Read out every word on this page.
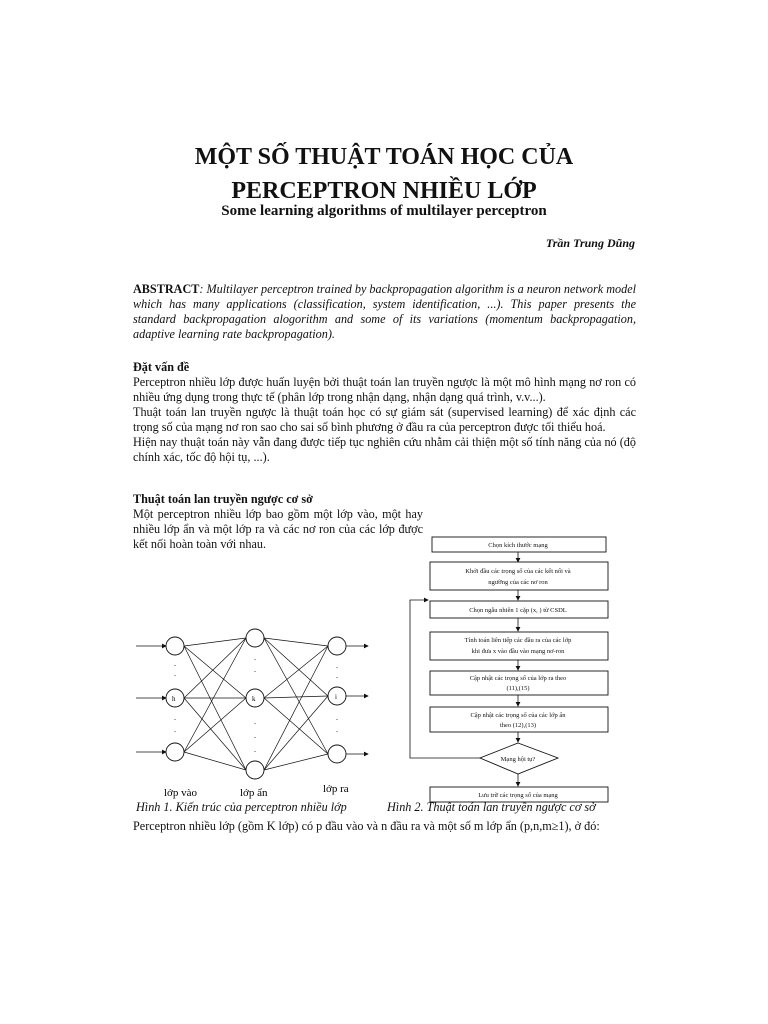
MỘT SỐ THUẬT TOÁN HỌC CỦA
PERCEPTRON NHIỀU LỚP
Some learning algorithms of multilayer perceptron
Trần Trung Dũng
ABSTRACT: Multilayer perceptron trained by backpropagation algorithm is a neuron network model which has many applications (classification, system identification, ...). This paper presents the standard backpropagation alogorithm and some of its variations (momentum backpropagation, adaptive learning rate backpropagation).
Đặt vấn đề
Perceptron nhiều lớp được huấn luyện bởi thuật toán lan truyền ngược là một mô hình mạng nơ ron có nhiều ứng dụng trong thực tế (phân lớp trong nhận dạng, nhận dạng quá trình, v.v...).
Thuật toán lan truyền ngược là thuật toán học có sự giám sát (supervised learning) để xác định các trọng số của mạng nơ ron sao cho sai số bình phương ở đầu ra của perceptron được tối thiểu hoá.
Hiện nay thuật toán này vẫn đang được tiếp tục nghiên cứu nhằm cải thiện một số tính năng của nó (độ chính xác, tốc độ hội tụ, ...).
Thuật toán lan truyền ngược cơ sở
Một perceptron nhiều lớp bao gồm một lớp vào, một hay nhiều lớp ẩn và một lớp ra và các nơ ron của các lớp được kết nối hoàn toàn với nhau.
.
.
.
.
.
.
.
.
.
.
.
.
.
h	k	i
lớp vào	lớp ẩn	lớp ra
Chọn kích thước mạng
Khởi đầu các trọng số của các kết nối và
ngưỡng của các nơ ron
Chọn ngẫu nhiên 1 cặp (x, ) từ CSDL
Tính toán liên tiếp các đầu ra của các lớp
khi đưa x vào đầu vào mạng nơ-ron
Cập nhật các trọng số của lớp ra theo
(11),(15)
Cập nhật các trọng số của các lớp ẩn
theo (12),(13)
Mạng hội tụ?
Lưu trữ các trọng số của mạng
Hình 1. Kiến trúc của perceptron nhiều lớp	Hình 2. Thuật toán lan truyền ngược cơ sở
Perceptron nhiều lớp (gồm K lớp) có p đầu vào và n đầu ra và một số m lớp ẩn (p,n,m≥1), ở đó:
